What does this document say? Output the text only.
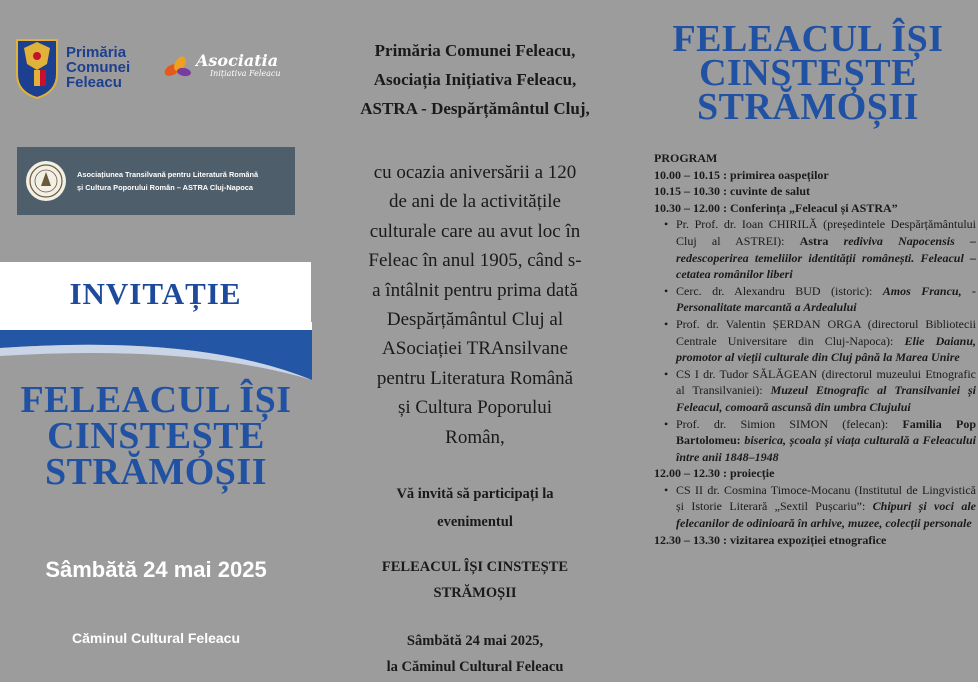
Primăria
Comunei
Feleacu
Asociatia
Inițiativa Feleacu
Asociațiunea Transilvană pentru Literatură Română
și Cultura Poporului Român – ASTRA Cluj-Napoca
INVITAȚIE
FELEACUL ÎȘI
CINSTEȘTE
STRĂMOȘII
Sâmbătă 24 mai 2025
Căminul Cultural Feleacu
Primăria Comunei Feleacu,
Asociația Inițiativa Feleacu,
ASTRA - Despărțământul Cluj,
cu ocazia aniversării a 120
de ani de la activitățile
culturale care au avut loc în
Feleac în anul 1905, când s-
a întâlnit pentru prima dată
Despărțământul Cluj al
ASociației TRAnsilvane
pentru Literatura Română
și Cultura Poporului
Român,
Vă invită să participați la
evenimentul
FELEACUL ÎȘI CINSTEȘTE
STRĂMOȘII
Sâmbătă 24 mai 2025,
la Căminul Cultural Feleacu
FELEACUL ÎȘI
CINSTEȘTE
STRĂMOȘII
PROGRAM
10.00 – 10.15 : primirea oaspeților
10.15 – 10.30 : cuvinte de salut
10.30 – 12.00 : Conferința „Feleacul și ASTRA”
• Pr. Prof. dr. Ioan CHIRILĂ (președintele Despărțământului Cluj al ASTREI): Astra rediviva Napocensis – redescoperirea temeliilor identității românești. Feleacul – cetatea românilor liberi
• Cerc. dr. Alexandru BUD (istoric): Amos Francu, - Personalitate marcantă a Ardealului
• Prof. dr. Valentin ȘERDAN ORGA (directorul Bibliotecii Centrale Universitare din Cluj-Napoca): Elie Daianu, promotor al vieții culturale din Cluj până la Marea Unire
• CS I dr. Tudor SĂLĂGEAN (directorul muzeului Etnografic al Transilvaniei): Muzeul Etnografic al Transilvaniei și Feleacul, comoară ascunsă din umbra Clujului
• Prof. dr. Simion SIMON (felecan): Familia Pop Bartolomeu: biserica, școala și viața culturală a Feleacului între anii 1848–1948
12.00 – 12.30 : proiecție
• CS II dr. Cosmina Timoce-Mocanu (Institutul de Lingvistică și Istorie Literară „Sextil Pușcariu”: Chipuri și voci ale felecanilor de odinioară în arhive, muzee, colecții personale
12.30 – 13.30 : vizitarea expoziției etnografice
